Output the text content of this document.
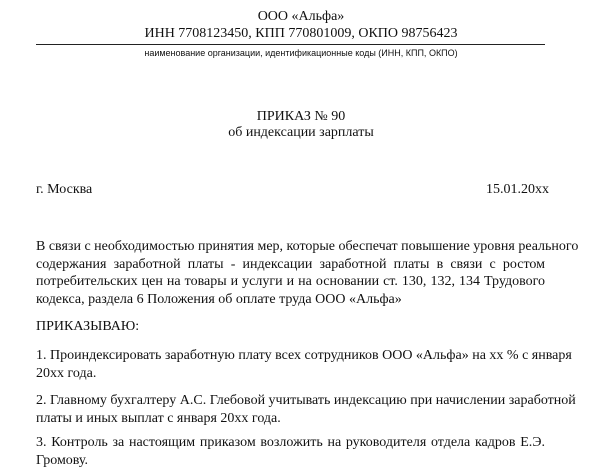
ООО «Альфа»
ИНН 7708123450, КПП 770801009, ОКПО 98756423
наименование организации, идентификационные коды (ИНН, КПП, ОКПО)
ПРИКАЗ № 90
об индексации зарплаты
г. Москва	15.01.20хх
В связи с необходимостью принятия мер, которые обеспечат повышение уровня реального
содержания заработной платы - индексации заработной платы в связи с ростом
потребительских цен на товары и услуги и на основании ст. 130, 132, 134 Трудового
кодекса, раздела 6 Положения об оплате труда ООО «Альфа»
ПРИКАЗЫВАЮ:
1. Проиндексировать заработную плату всех сотрудников ООО «Альфа» на хх % с января
20хх года.
2. Главному бухгалтеру А.С. Глебовой учитывать индексацию при начислении заработной
платы и иных выплат с января 20хх года.
3. Контроль за настоящим приказом возложить на руководителя отдела кадров Е.Э.
Громову.
